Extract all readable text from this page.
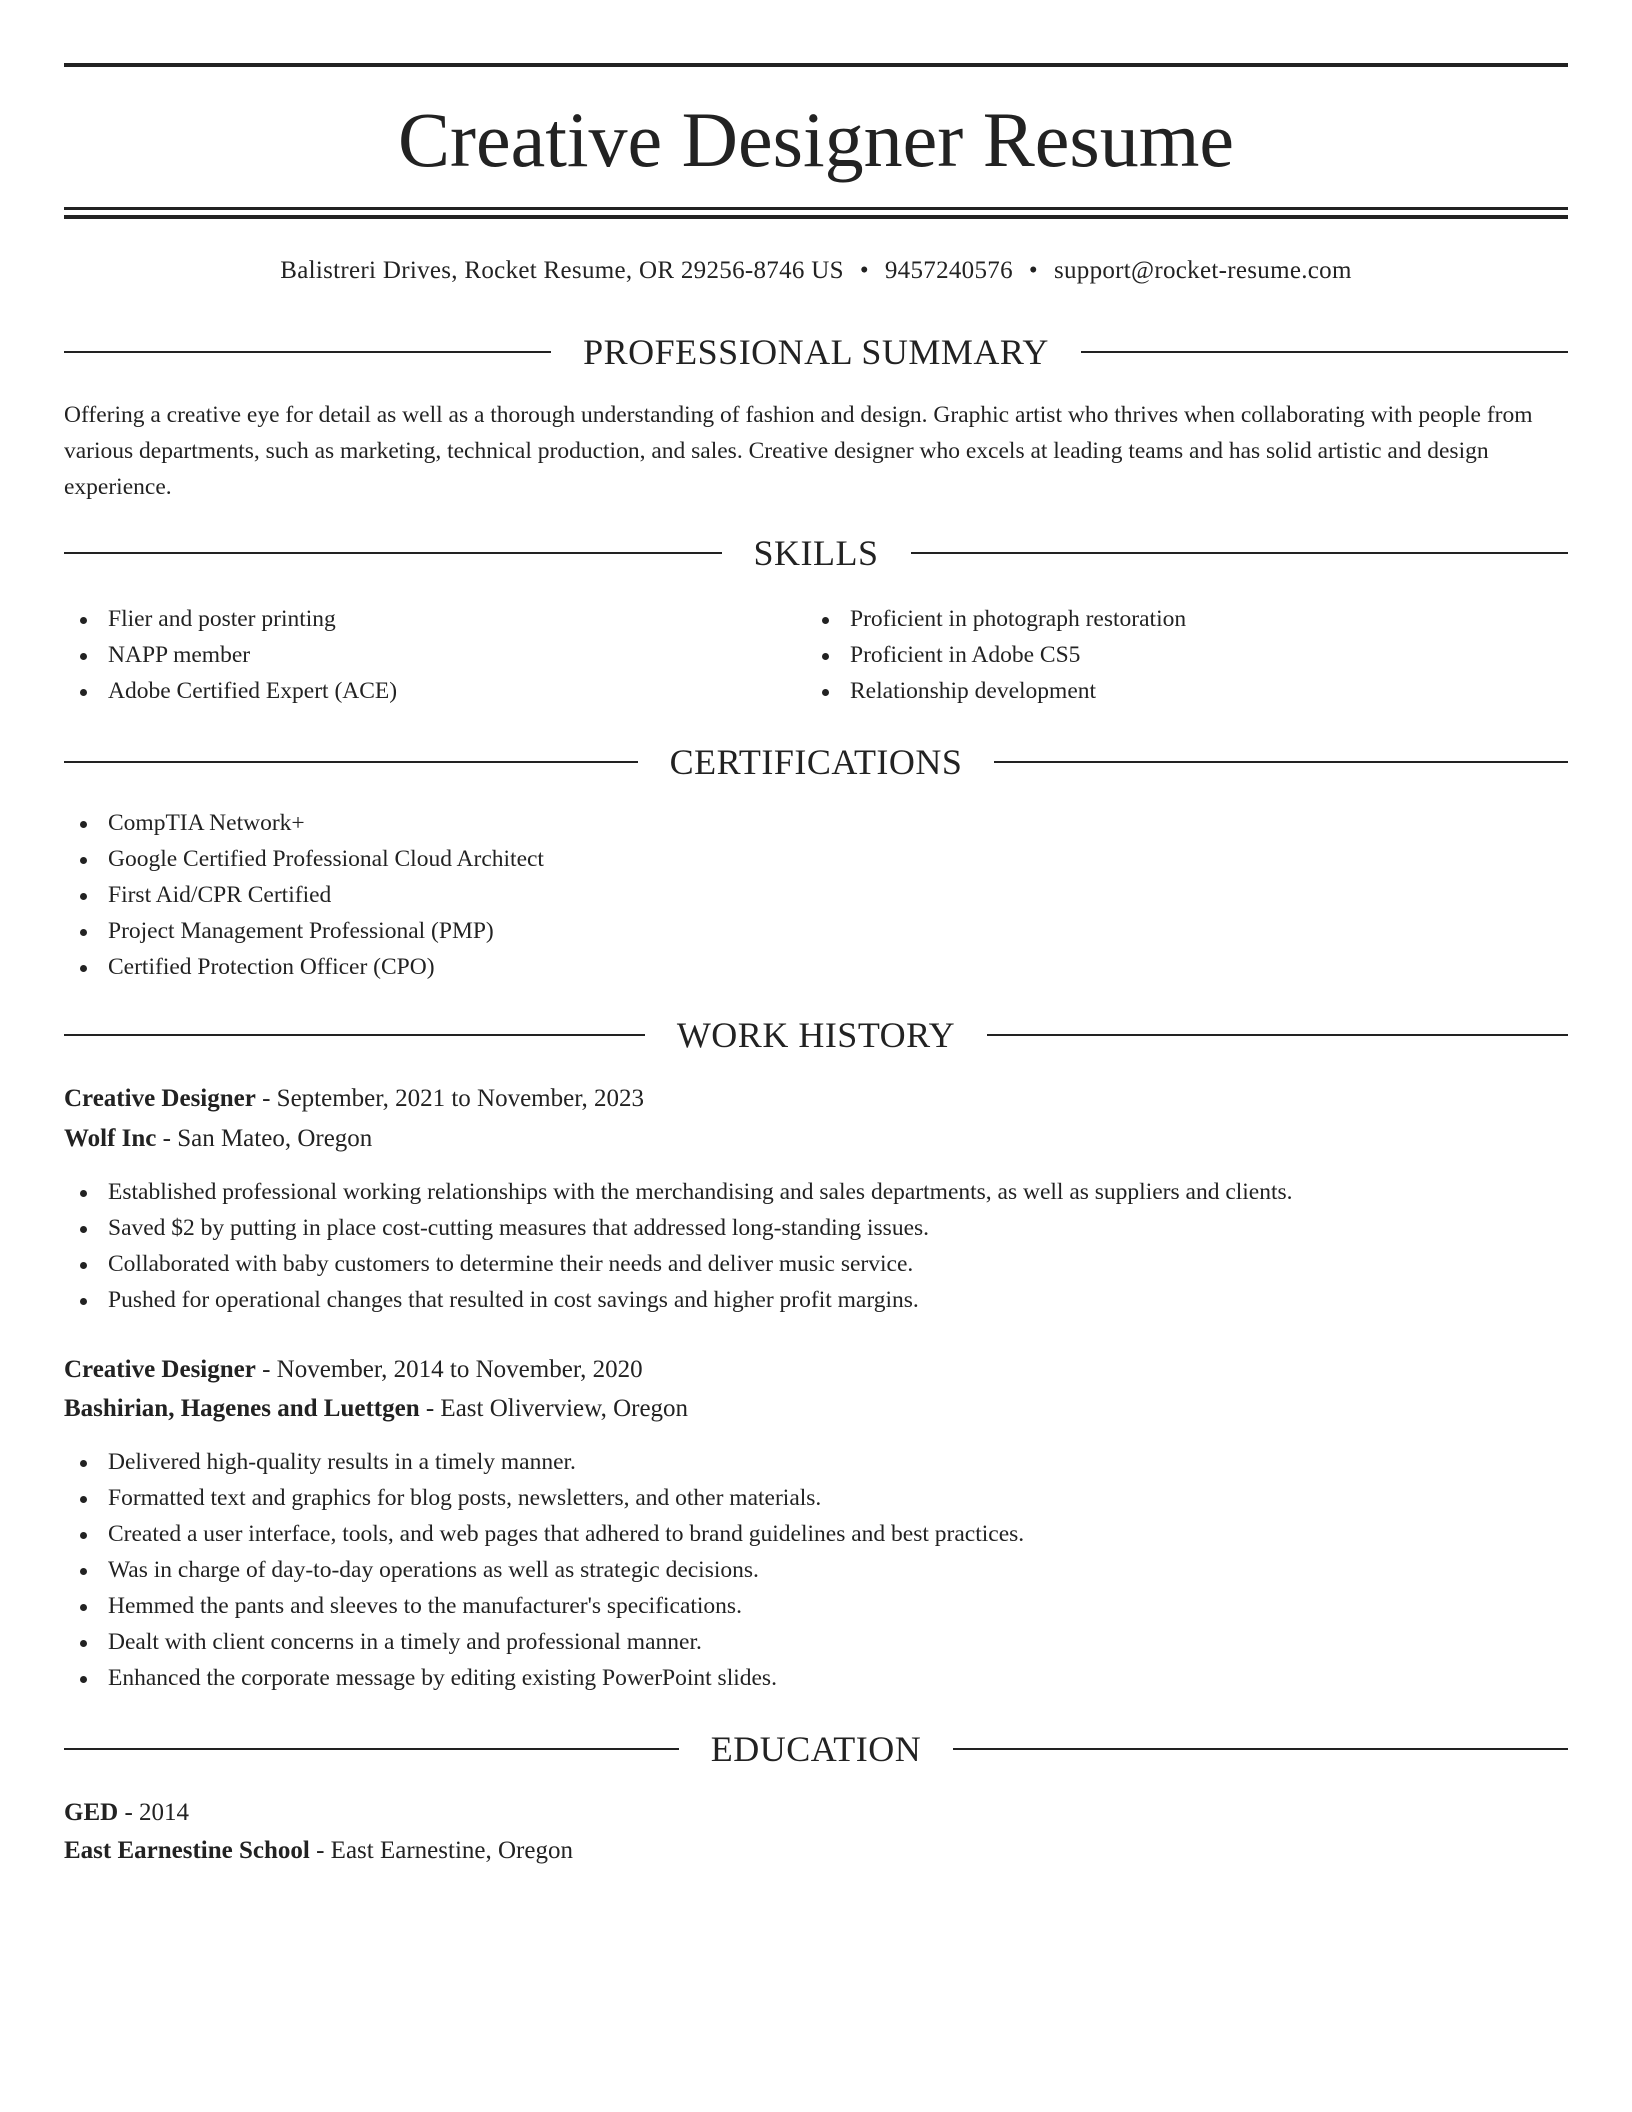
Creative Designer Resume
Balistreri Drives, Rocket Resume, OR 29256-8746 US • 9457240576 • support@rocket-resume.com
PROFESSIONAL SUMMARY

Offering a creative eye for detail as well as a thorough understanding of fashion and design. Graphic artist who thrives when collaborating with people from various departments, such as marketing, technical production, and sales. Creative designer who excels at leading teams and has solid artistic and design experience.

SKILLS
Flier and poster printing
NAPP member
Adobe Certified Expert (ACE)
Proficient in photograph restoration
Proficient in Adobe CS5
Relationship development
CERTIFICATIONS
CompTIA Network+
Google Certified Professional Cloud Architect
First Aid/CPR Certified
Project Management Professional (PMP)
Certified Protection Officer (CPO)
WORK HISTORY
Creative Designer - September, 2021 to November, 2023
Wolf Inc - San Mateo, Oregon
Established professional working relationships with the merchandising and sales departments, as well as suppliers and clients.
Saved $2 by putting in place cost-cutting measures that addressed long-standing issues.
Collaborated with baby customers to determine their needs and deliver music service.
Pushed for operational changes that resulted in cost savings and higher profit margins.
Creative Designer - November, 2014 to November, 2020
Bashirian, Hagenes and Luettgen - East Oliverview, Oregon
Delivered high-quality results in a timely manner.
Formatted text and graphics for blog posts, newsletters, and other materials.
Created a user interface, tools, and web pages that adhered to brand guidelines and best practices.
Was in charge of day-to-day operations as well as strategic decisions.
Hemmed the pants and sleeves to the manufacturer's specifications.
Dealt with client concerns in a timely and professional manner.
Enhanced the corporate message by editing existing PowerPoint slides.
EDUCATION
GED - 2014
East Earnestine School - East Earnestine, Oregon
